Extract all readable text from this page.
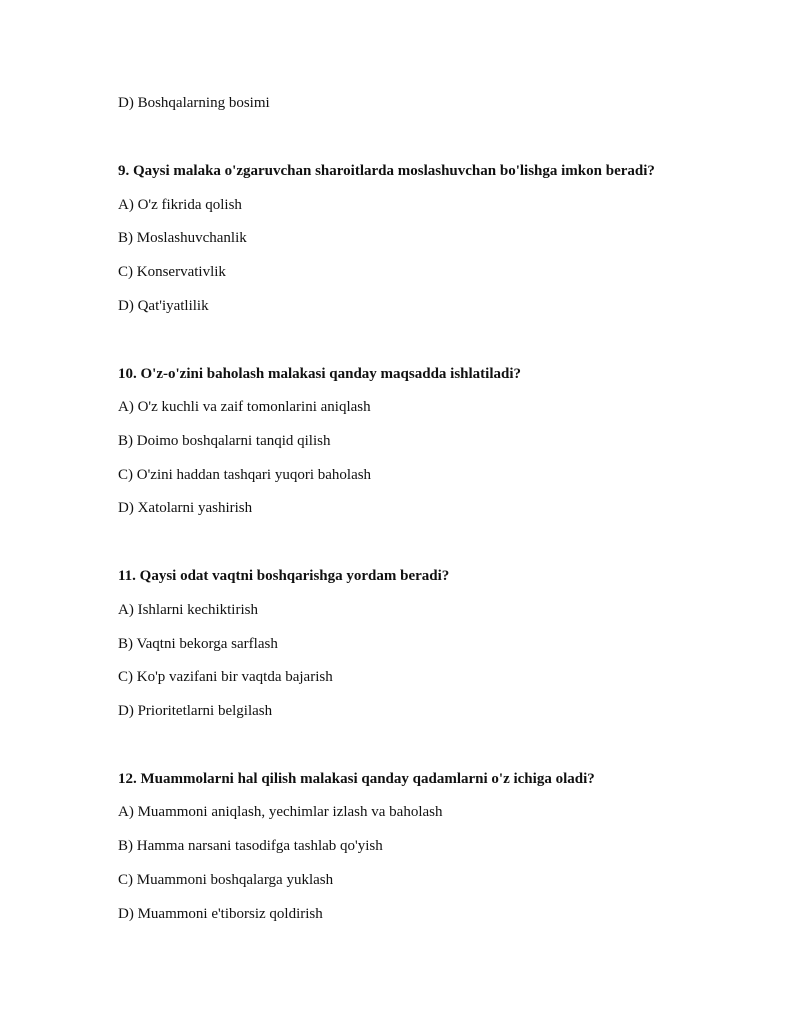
D) Boshqalarning bosimi
9. Qaysi malaka o'zgaruvchan sharoitlarda moslashuvchan bo'lishga imkon beradi?
A) O'z fikrida qolish
B) Moslashuvchanlik
C) Konservativlik
D) Qat'iyatlilik
10. O'z-o'zini baholash malakasi qanday maqsadda ishlatiladi?
A) O'z kuchli va zaif tomonlarini aniqlash
B) Doimo boshqalarni tanqid qilish
C) O'zini haddan tashqari yuqori baholash
D) Xatolarni yashirish
11. Qaysi odat vaqtni boshqarishga yordam beradi?
A) Ishlarni kechiktirish
B) Vaqtni bekorga sarflash
C) Ko'p vazifani bir vaqtda bajarish
D) Prioritetlarni belgilash
12. Muammolarni hal qilish malakasi qanday qadamlarni o'z ichiga oladi?
A) Muammoni aniqlash, yechimlar izlash va baholash
B) Hamma narsani tasodifga tashlab qo'yish
C) Muammoni boshqalarga yuklash
D) Muammoni e'tiborsiz qoldirish
